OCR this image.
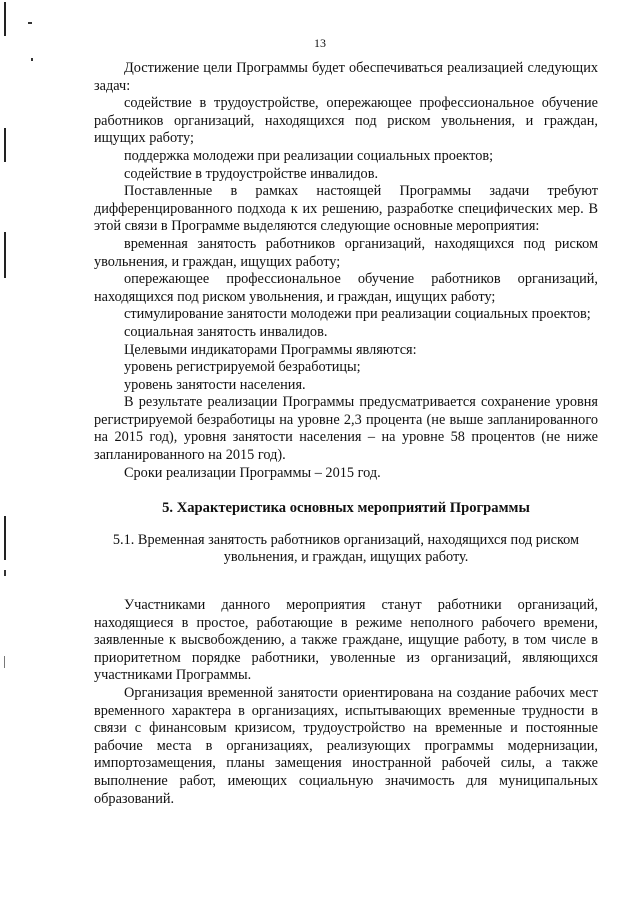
13

Достижение цели Программы будет обеспечиваться реализацией следующих задач:

содействие в трудоустройстве, опережающее профессиональное обучение работников организаций, находящихся под риском увольнения, и граждан, ищущих работу;

поддержка молодежи при реализации социальных проектов;

содействие в трудоустройстве инвалидов.

Поставленные в рамках настоящей Программы задачи требуют дифференцированного подхода к их решению, разработке специфических мер. В этой связи в Программе выделяются следующие основные мероприятия:

временная занятость работников организаций, находящихся под риском увольнения, и граждан, ищущих работу;

опережающее профессиональное обучение работников организаций, находящихся под риском увольнения, и граждан, ищущих работу;

стимулирование занятости молодежи при реализации социальных проектов;

социальная занятость инвалидов.

Целевыми индикаторами Программы являются:

уровень регистрируемой безработицы;

уровень занятости населения.

В результате реализации Программы предусматривается сохранение уровня регистрируемой безработицы на уровне 2,3 процента (не выше запланированного на 2015 год), уровня занятости населения – на уровне 58 процентов (не ниже запланированного на 2015 год).

Сроки реализации Программы – 2015 год.

5. Характеристика основных мероприятий Программы

5.1. Временная занятость работников организаций, находящихся под риском увольнения, и граждан, ищущих работу.

Участниками данного мероприятия станут работники организаций, находящиеся в простое, работающие в режиме неполного рабочего времени, заявленные к высвобождению, а также граждане, ищущие работу, в том числе в приоритетном порядке работники, уволенные из организаций, являющихся участниками Программы.

Организация временной занятости ориентирована на создание рабочих мест временного характера в организациях, испытывающих временные трудности в связи с финансовым кризисом, трудоустройство на временные и постоянные рабочие места в организациях, реализующих программы модернизации, импортозамещения, планы замещения иностранной рабочей силы, а также выполнение работ, имеющих социальную значимость для муниципальных образований.
